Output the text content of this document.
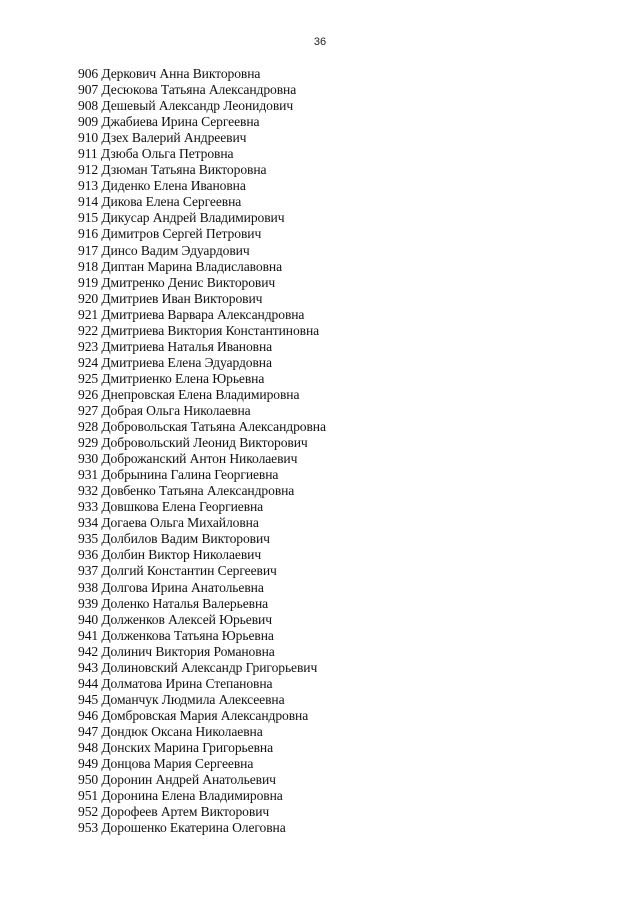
36
906 Деркович Анна Викторовна
907 Десюкова Татьяна Александровна
908 Дешевый Александр Леонидович
909 Джабиева Ирина Сергеевна
910 Дзех Валерий Андреевич
911 Дзюба Ольга Петровна
912 Дзюман Татьяна Викторовна
913 Диденко Елена Ивановна
914 Дикова Елена Сергеевна
915 Дикусар Андрей Владимирович
916 Димитров Сергей Петрович
917 Динсо Вадим Эдуардович
918 Диптан Марина Владиславовна
919 Дмитренко Денис Викторович
920 Дмитриев Иван Викторович
921 Дмитриева Варвара Александровна
922 Дмитриева Виктория Константиновна
923 Дмитриева Наталья Ивановна
924 Дмитриева Елена Эдуардовна
925 Дмитриенко Елена Юрьевна
926 Днепровская Елена Владимировна
927 Добрая Ольга Николаевна
928 Добровольская Татьяна Александровна
929 Добровольский Леонид Викторович
930 Доброжанский Антон Николаевич
931 Добрынина Галина Георгиевна
932 Довбенко Татьяна Александровна
933 Довшкова Елена Георгиевна
934 Догаева Ольга Михайловна
935 Долбилов Вадим Викторович
936 Долбин Виктор Николаевич
937 Долгий Константин Сергеевич
938 Долгова Ирина Анатольевна
939 Доленко Наталья Валерьевна
940 Долженков Алексей Юрьевич
941 Долженкова Татьяна Юрьевна
942 Долинич Виктория Романовна
943 Долиновский Александр Григорьевич
944 Долматова Ирина Степановна
945 Доманчук Людмила Алексеевна
946 Домбровская Мария Александровна
947 Дондюк Оксана Николаевна
948 Донских Марина Григорьевна
949 Донцова Мария Сергеевна
950 Доронин Андрей Анатольевич
951 Доронина Елена Владимировна
952 Дорофеев Артем Викторович
953 Дорошенко Екатерина Олеговна
